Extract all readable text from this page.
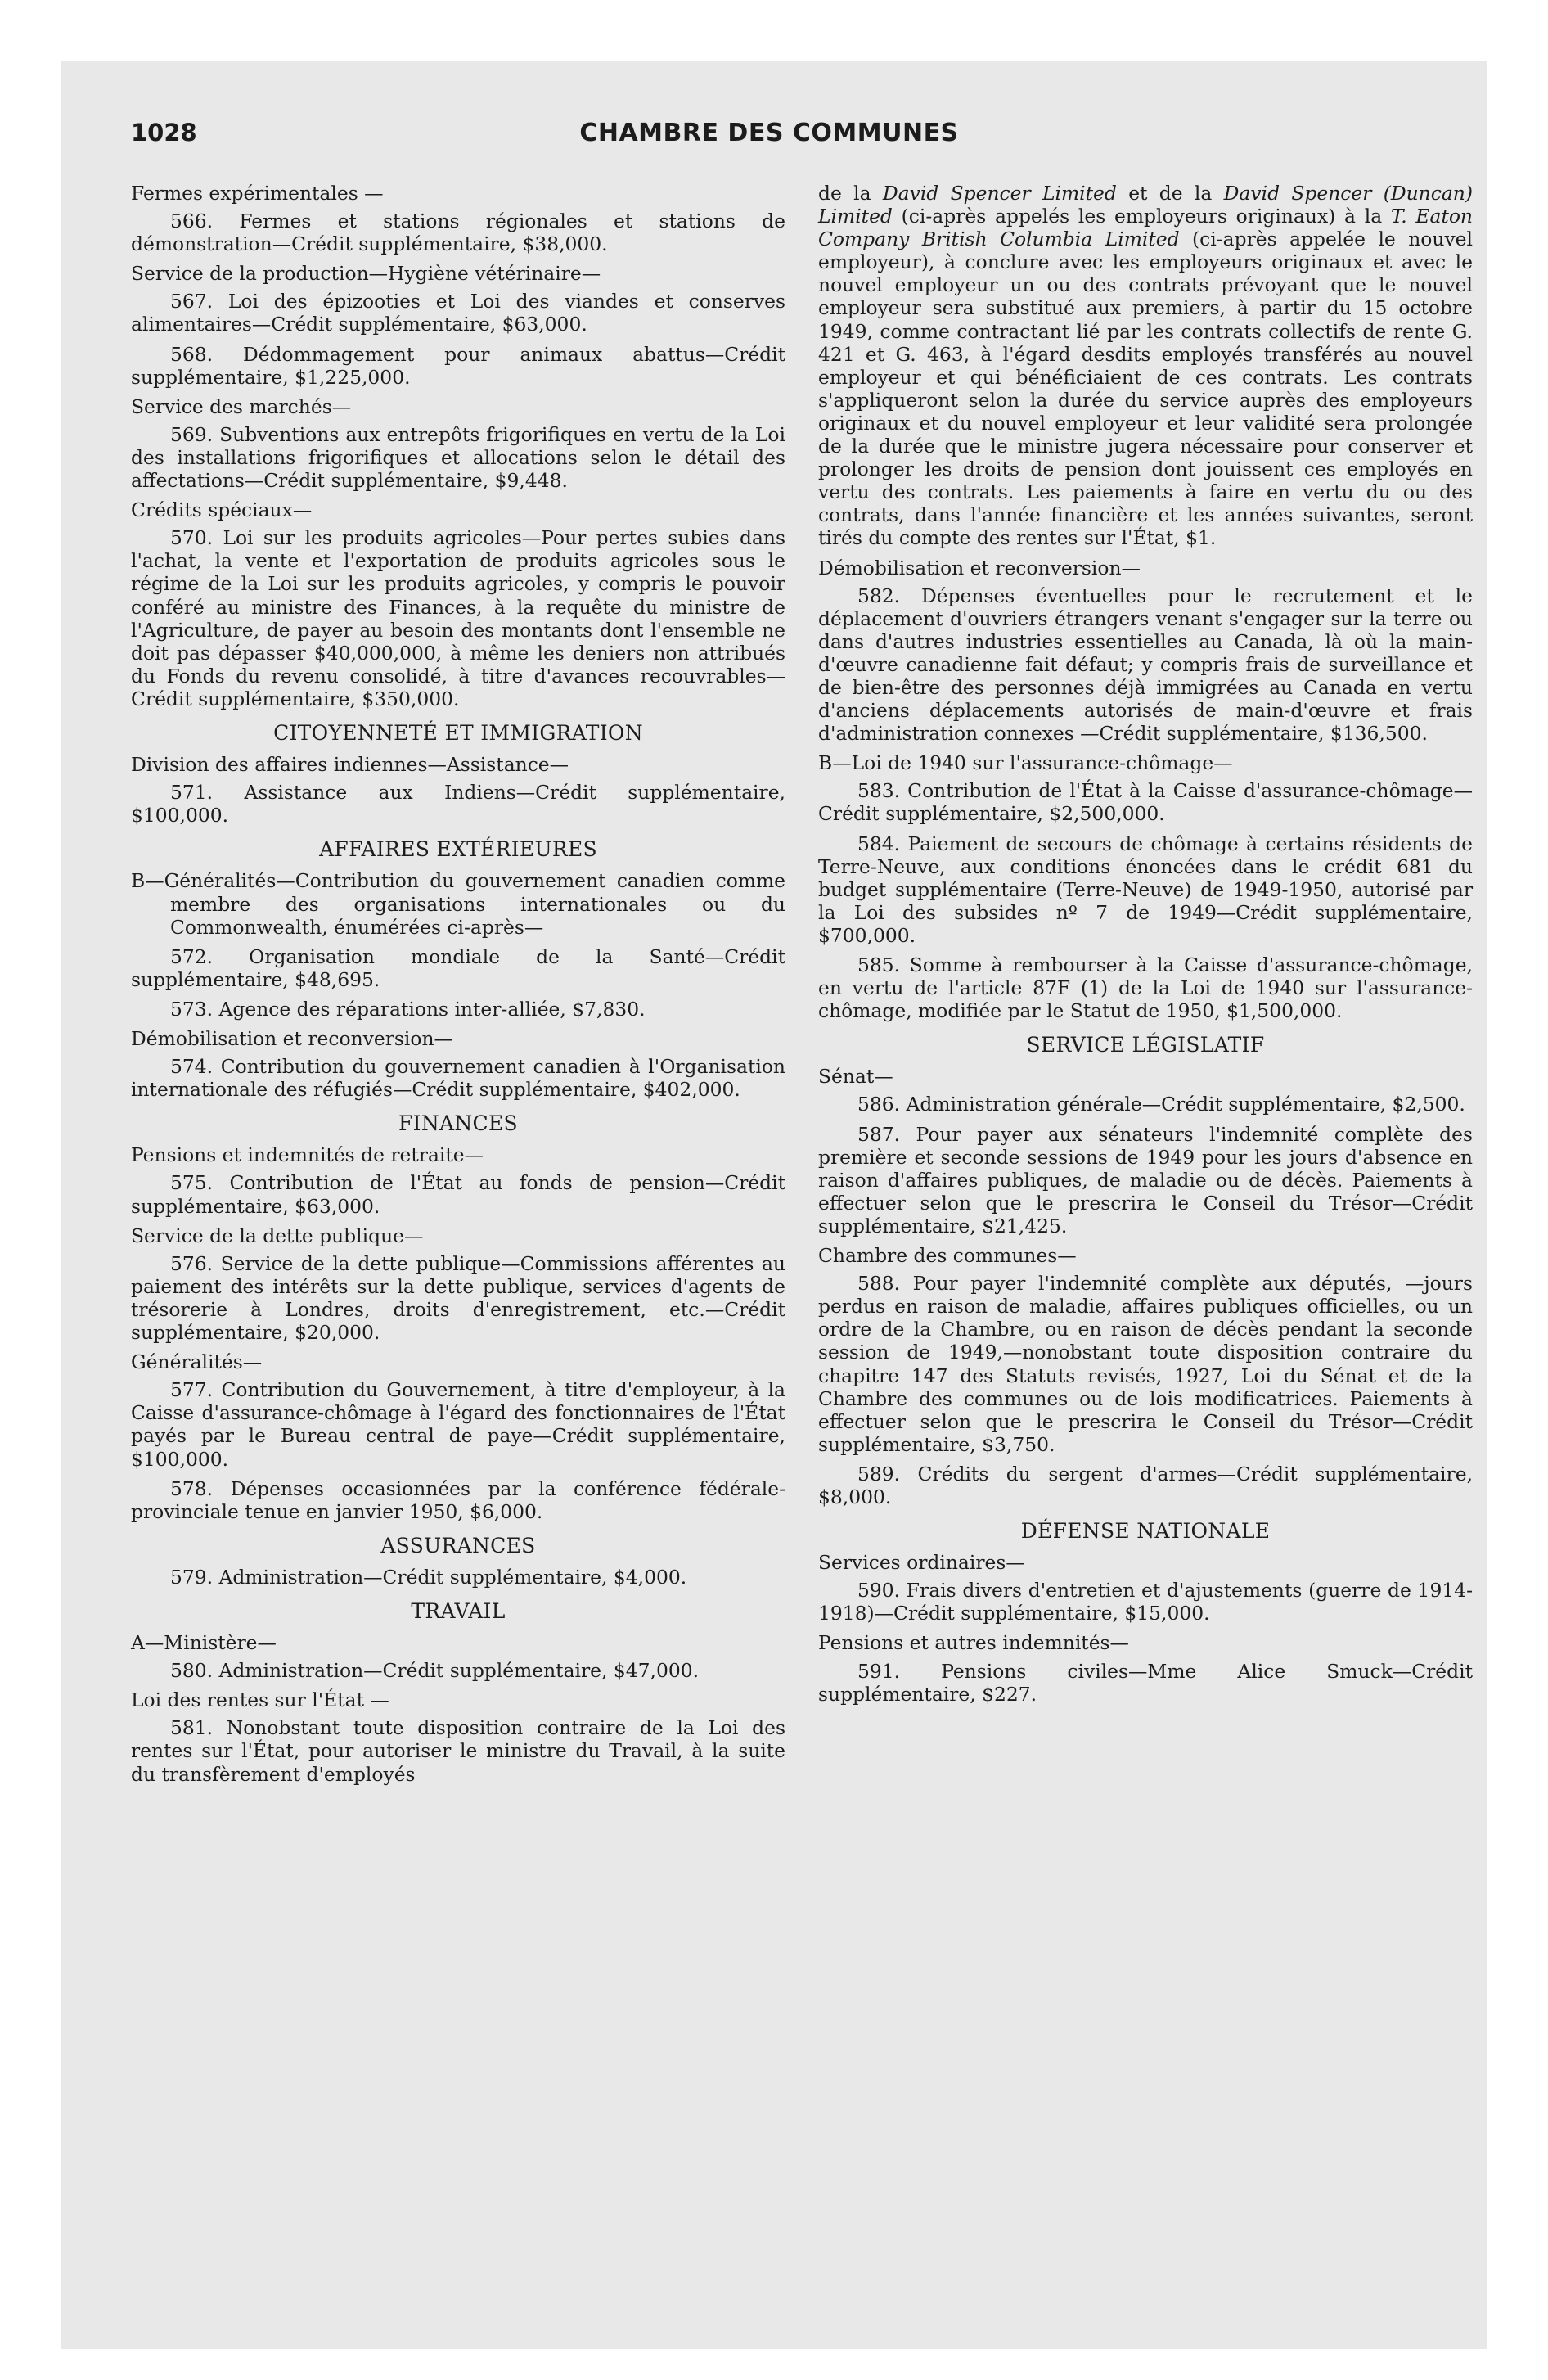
1028	CHAMBRE DES COMMUNES

Fermes expérimentales —

566. Fermes et stations régionales et stations de démonstration—Crédit supplémentaire, $38,000.

Service de la production—Hygiène vétérinaire—

567. Loi des épizooties et Loi des viandes et conserves alimentaires—Crédit supplémentaire, $63,000.

568. Dédommagement pour animaux abattus—Crédit supplémentaire, $1,225,000.

Service des marchés—

569. Subventions aux entrepôts frigorifiques en vertu de la Loi des installations frigorifiques et allocations selon le détail des affectations—Crédit supplémentaire, $9,448.

Crédits spéciaux—

570. Loi sur les produits agricoles—Pour pertes subies dans l'achat, la vente et l'exportation de produits agricoles sous le régime de la Loi sur les produits agricoles, y compris le pouvoir conféré au ministre des Finances, à la requête du ministre de l'Agriculture, de payer au besoin des montants dont l'ensemble ne doit pas dépasser $40,000,000, à même les deniers non attribués du Fonds du revenu consolidé, à titre d'avances recouvrables—Crédit supplémentaire, $350,000.

CITOYENNETÉ ET IMMIGRATION

Division des affaires indiennes—Assistance—

571. Assistance aux Indiens—Crédit supplémentaire, $100,000.

AFFAIRES EXTÉRIEURES

B—Généralités—Contribution du gouvernement canadien comme membre des organisations internationales ou du Commonwealth, énumérées ci-après—

572. Organisation mondiale de la Santé—Crédit supplémentaire, $48,695.

573. Agence des réparations inter-alliée, $7,830.

Démobilisation et reconversion—

574. Contribution du gouvernement canadien à l'Organisation internationale des réfugiés—Crédit supplémentaire, $402,000.

FINANCES

Pensions et indemnités de retraite—

575. Contribution de l'État au fonds de pension—Crédit supplémentaire, $63,000.

Service de la dette publique—

576. Service de la dette publique—Commissions afférentes au paiement des intérêts sur la dette publique, services d'agents de trésorerie à Londres, droits d'enregistrement, etc.—Crédit supplémentaire, $20,000.

Généralités—

577. Contribution du Gouvernement, à titre d'employeur, à la Caisse d'assurance-chômage à l'égard des fonctionnaires de l'État payés par le Bureau central de paye—Crédit supplémentaire, $100,000.

578. Dépenses occasionnées par la conférence fédérale-provinciale tenue en janvier 1950, $6,000.

ASSURANCES

579. Administration—Crédit supplémentaire, $4,000.

TRAVAIL

A—Ministère—

580. Administration—Crédit supplémentaire, $47,000.

Loi des rentes sur l'État —

581. Nonobstant toute disposition contraire de la Loi des rentes sur l'État, pour autoriser le ministre du Travail, à la suite du transfèrement d'employés

de la David Spencer Limited et de la David Spencer (Duncan) Limited (ci-après appelés les employeurs originaux) à la T. Eaton Company British Columbia Limited (ci-après appelée le nouvel employeur), à conclure avec les employeurs originaux et avec le nouvel employeur un ou des contrats prévoyant que le nouvel employeur sera substitué aux premiers, à partir du 15 octobre 1949, comme contractant lié par les contrats collectifs de rente G. 421 et G. 463, à l'égard desdits employés transférés au nouvel employeur et qui bénéficiaient de ces contrats. Les contrats s'appliqueront selon la durée du service auprès des employeurs originaux et du nouvel employeur et leur validité sera prolongée de la durée que le ministre jugera nécessaire pour conserver et prolonger les droits de pension dont jouissent ces employés en vertu des contrats. Les paiements à faire en vertu du ou des contrats, dans l'année financière et les années suivantes, seront tirés du compte des rentes sur l'État, $1.

Démobilisation et reconversion—

582. Dépenses éventuelles pour le recrutement et le déplacement d'ouvriers étrangers venant s'engager sur la terre ou dans d'autres industries essentielles au Canada, là où la main-d'œuvre canadienne fait défaut; y compris frais de surveillance et de bien-être des personnes déjà immigrées au Canada en vertu d'anciens déplacements autorisés de main-d'œuvre et frais d'administration connexes —Crédit supplémentaire, $136,500.

B—Loi de 1940 sur l'assurance-chômage—

583. Contribution de l'État à la Caisse d'assurance-chômage—Crédit supplémentaire, $2,500,000.

584. Paiement de secours de chômage à certains résidents de Terre-Neuve, aux conditions énoncées dans le crédit 681 du budget supplémentaire (Terre-Neuve) de 1949-1950, autorisé par la Loi des subsides nº 7 de 1949—Crédit supplémentaire, $700,000.

585. Somme à rembourser à la Caisse d'assurance-chômage, en vertu de l'article 87F (1) de la Loi de 1940 sur l'assurance-chômage, modifiée par le Statut de 1950, $1,500,000.

SERVICE LÉGISLATIF

Sénat—

586. Administration générale—Crédit supplémentaire, $2,500.

587. Pour payer aux sénateurs l'indemnité complète des première et seconde sessions de 1949 pour les jours d'absence en raison d'affaires publiques, de maladie ou de décès. Paiements à effectuer selon que le prescrira le Conseil du Trésor—Crédit supplémentaire, $21,425.

Chambre des communes—

588. Pour payer l'indemnité complète aux députés, —jours perdus en raison de maladie, affaires publiques officielles, ou un ordre de la Chambre, ou en raison de décès pendant la seconde session de 1949,—nonobstant toute disposition contraire du chapitre 147 des Statuts revisés, 1927, Loi du Sénat et de la Chambre des communes ou de lois modificatrices. Paiements à effectuer selon que le prescrira le Conseil du Trésor—Crédit supplémentaire, $3,750.

589. Crédits du sergent d'armes—Crédit supplémentaire, $8,000.

DÉFENSE NATIONALE

Services ordinaires—

590. Frais divers d'entretien et d'ajustements (guerre de 1914-1918)—Crédit supplémentaire, $15,000.

Pensions et autres indemnités—

591. Pensions civiles—Mme Alice Smuck—Crédit supplémentaire, $227.
